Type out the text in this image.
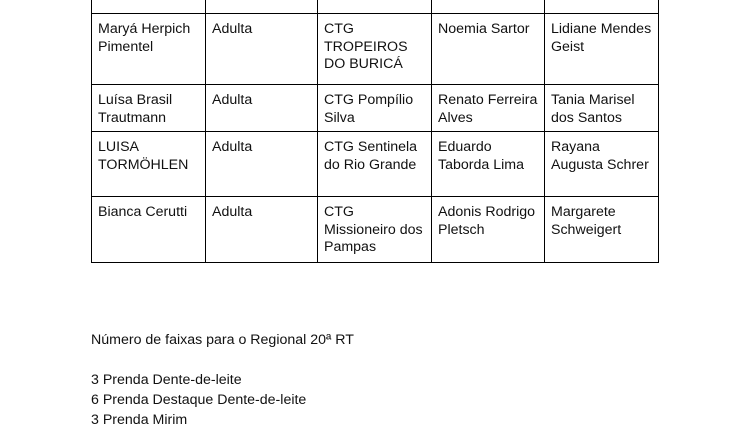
Maryá Herpich Pimentel	Adulta	CTG TROPEIROS DO BURICÁ	Noemia Sartor	Lidiane Mendes Geist
Luísa Brasil Trautmann	Adulta	CTG Pompílio Silva	Renato Ferreira Alves	Tania Marisel dos Santos
LUISA TORMÖHLEN	Adulta	CTG Sentinela do Rio Grande	Eduardo Taborda Lima	Rayana Augusta Schrer
Bianca Cerutti	Adulta	CTG Missioneiro dos Pampas	Adonis Rodrigo Pletsch	Margarete Schweigert
Número de faixas para o Regional 20ª RT
3 Prenda Dente-de-leite
6 Prenda Destaque Dente-de-leite
3 Prenda Mirim
